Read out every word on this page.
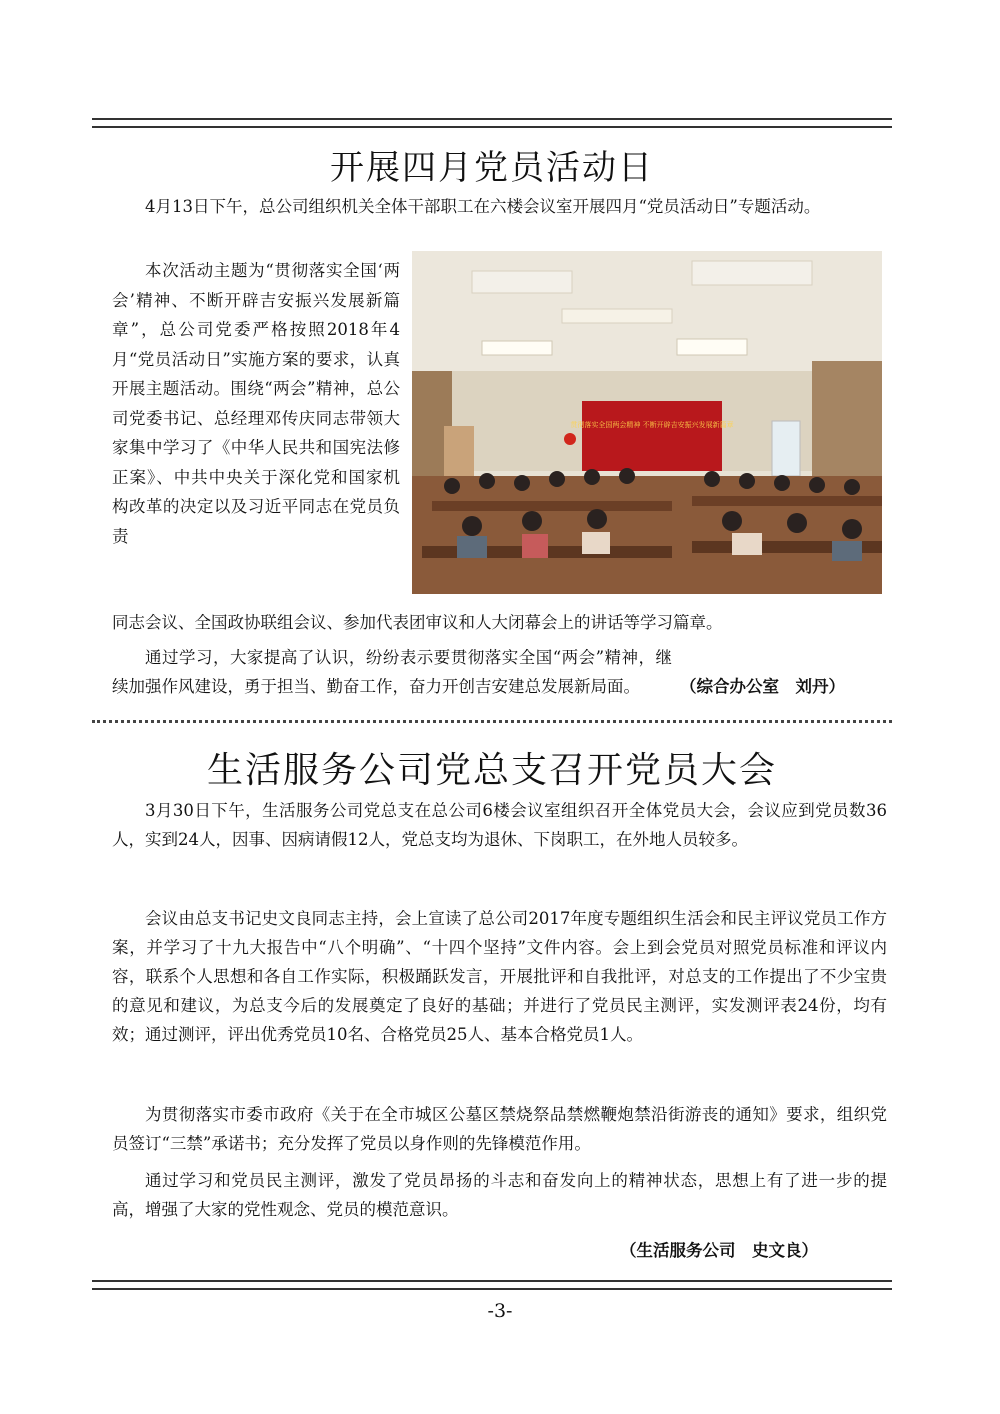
开展四月党员活动日

4月13日下午，总公司组织机关全体干部职工在六楼会议室开展四月“党员活动日”专题活动。

本次活动主题为“贯彻落实全国‘两会’精神、不断开辟吉安振兴发展新篇章”，总公司党委严格按照2018年4月“党员活动日”实施方案的要求，认真开展主题活动。围绕“两会”精神，总公司党委书记、总经理邓传庆同志带领大家集中学习了《中华人民共和国宪法修正案》、中共中央关于深化党和国家机构改革的决定以及习近平同志在党员负责

贯彻落实全国两会精神 不断开辟吉安振兴发展新篇章

同志会议、全国政协联组会议、参加代表团审议和人大闭幕会上的讲话等学习篇章。

通过学习，大家提高了认识，纷纷表示要贯彻落实全国“两会”精神，继续加强作风建设，勇于担当、勤奋工作，奋力开创吉安建总发展新局面。	（综合办公室　刘丹）

生活服务公司党总支召开党员大会

3月30日下午，生活服务公司党总支在总公司6楼会议室组织召开全体党员大会，会议应到党员数36人，实到24人，因事、因病请假12人，党总支均为退休、下岗职工，在外地人员较多。

会议由总支书记史文良同志主持，会上宣读了总公司2017年度专题组织生活会和民主评议党员工作方案，并学习了十九大报告中“八个明确”、“十四个坚持”文件内容。会上到会党员对照党员标准和评议内容，联系个人思想和各自工作实际，积极踊跃发言，开展批评和自我批评，对总支的工作提出了不少宝贵的意见和建议，为总支今后的发展奠定了良好的基础；并进行了党员民主测评，实发测评表24份，均有效；通过测评，评出优秀党员10名、合格党员25人、基本合格党员1人。

为贯彻落实市委市政府《关于在全市城区公墓区禁烧祭品禁燃鞭炮禁沿街游丧的通知》要求，组织党员签订“三禁”承诺书；充分发挥了党员以身作则的先锋模范作用。

通过学习和党员民主测评，激发了党员昂扬的斗志和奋发向上的精神状态，思想上有了进一步的提高，增强了大家的党性观念、党员的模范意识。

（生活服务公司　史文良）

-3-
